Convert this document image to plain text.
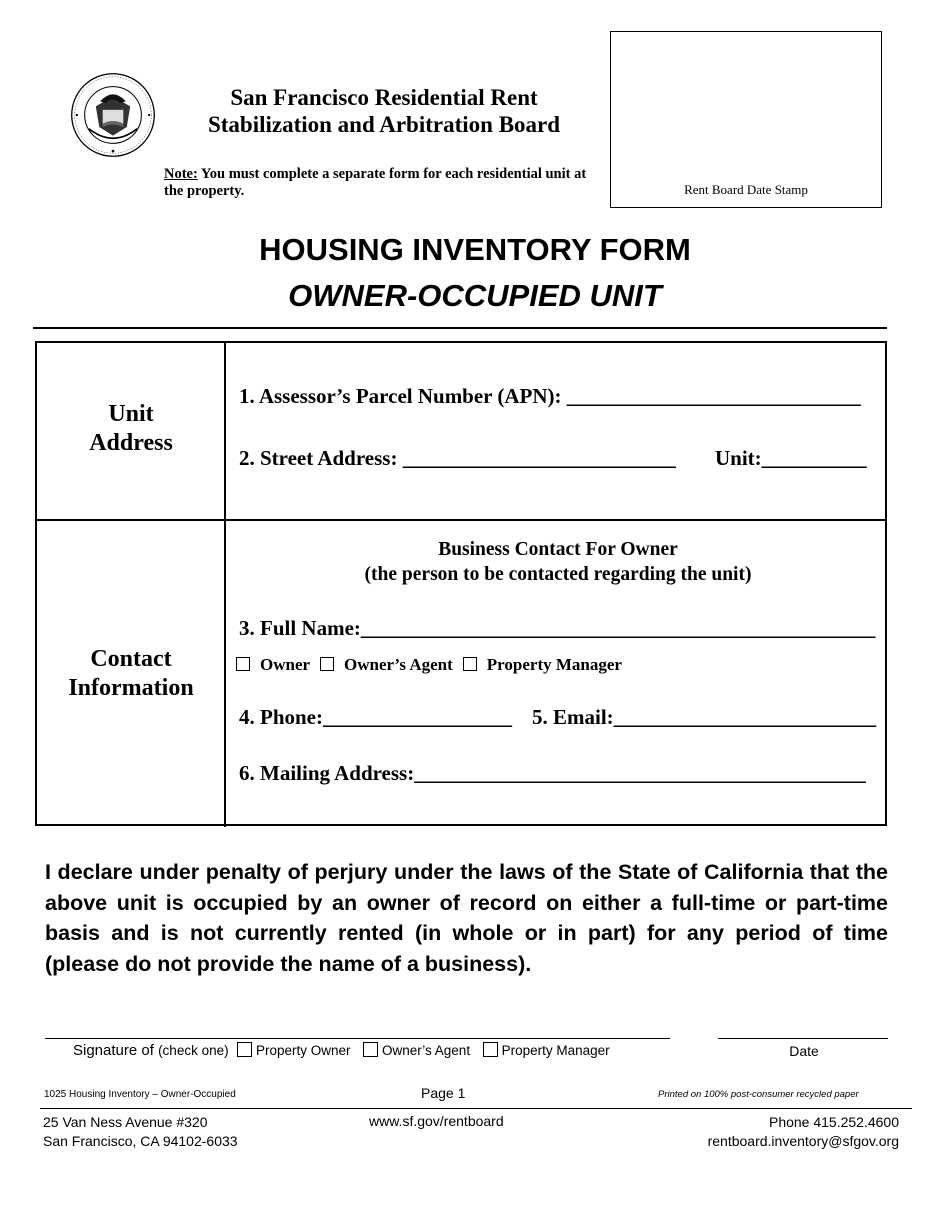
San Francisco Residential Rent
Stabilization and Arbitration Board
Note: You must complete a separate form for each residential unit at the property.	Rent Board Date Stamp
HOUSING INVENTORY FORM
OWNER-OCCUPIED UNIT
Unit
Address
1. Assessor’s Parcel Number (APN): ____________________________
2. Street Address: __________________________ Unit:__________
Contact
Information
Business Contact For Owner
(the person to be contacted regarding the unit)
3. Full Name:_________________________________________________
Owner Owner’s Agent Property Manager
4. Phone:__________________ 5. Email:_________________________
6. Mailing Address:___________________________________________
I declare under penalty of perjury under the laws of the State of California that the above unit is occupied by an owner of record on either a full-time or part-time basis and is not currently rented (in whole or in part) for any period of time (please do not provide the name of a business).
Signature of (check one) Property Owner Owner’s Agent Property Manager	Date
1025 Housing Inventory – Owner-Occupied	Page 1	Printed on 100% post-consumer recycled paper
25 Van Ness Avenue #320
San Francisco, CA 94102-6033
www.sf.gov/rentboard	Phone 415.252.4600
rentboard.inventory@sfgov.org
